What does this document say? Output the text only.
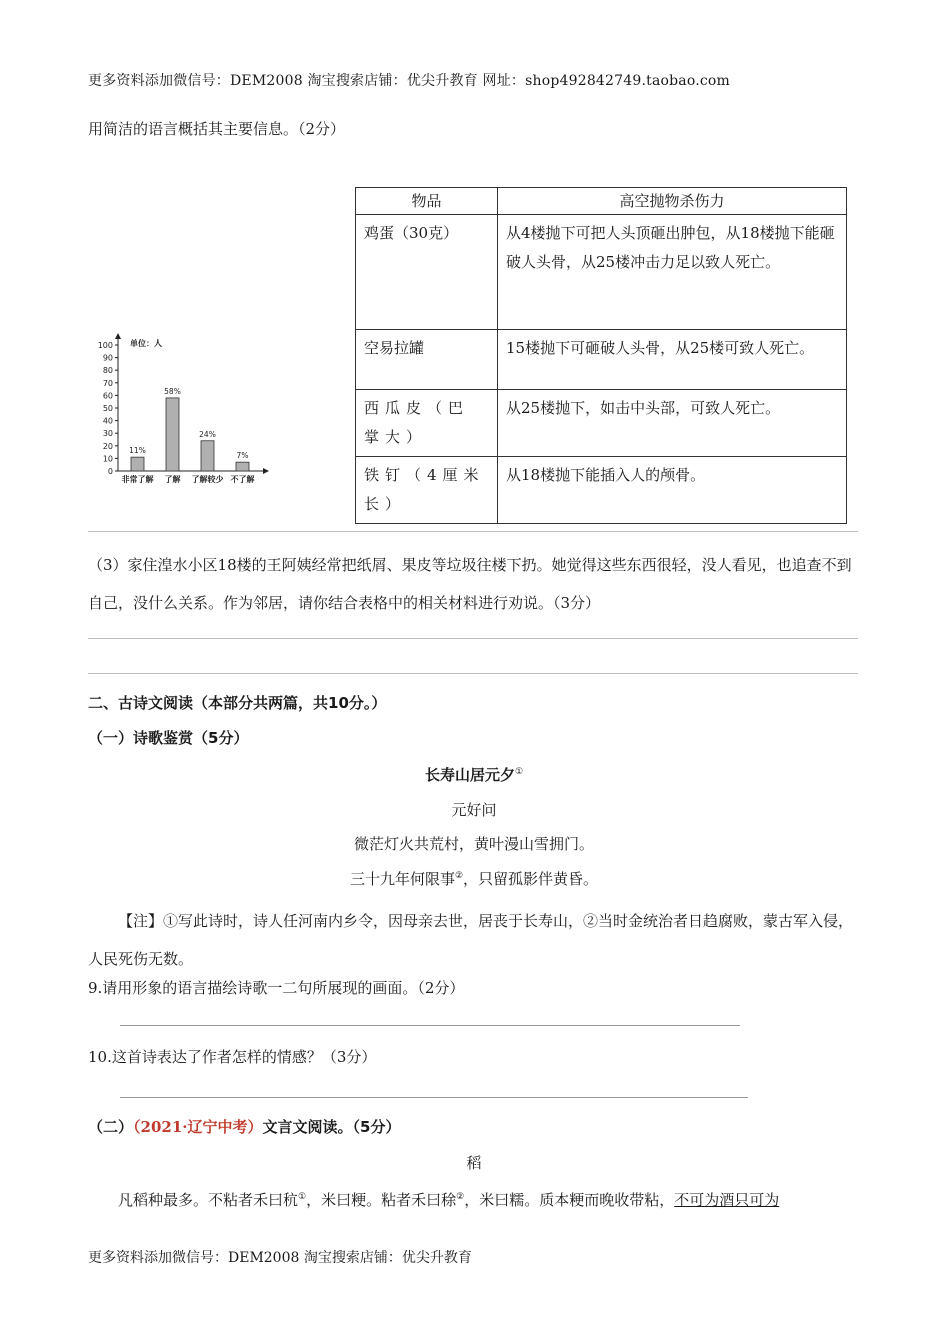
更多资料添加微信号：DEM2008 淘宝搜索店铺：优尖升教育 网址：shop492842749.taobao.com
用简洁的语言概括其主要信息。（2分）
0
10
20
30
40
50
60
70
80
90
100 单位：人
11%
非常了解
58%
了解
24%
了解较少
7%
不了解
物品	高空抛物杀伤力
鸡蛋（30克）	从4楼抛下可把人头顶砸出肿包，从18楼抛下能砸破人头骨，从25楼冲击力足以致人死亡。
空易拉罐	15楼抛下可砸破人头骨，从25楼可致人死亡。
西瓜皮（巴掌大）	从25楼抛下，如击中头部，可致人死亡。
铁钉（4厘米长）	从18楼抛下能插入人的颅骨。
（3）家住湟水小区18楼的王阿姨经常把纸屑、果皮等垃圾往楼下扔。她觉得这些东西很轻，没人看见，也追查不到自己，没什么关系。作为邻居，请你结合表格中的相关材料进行劝说。（3分）
二、古诗文阅读（本部分共两篇，共10分。）
（一）诗歌鉴赏（5分）
长寿山居元夕①
元好问
微茫灯火共荒村，黄叶漫山雪拥门。
三十九年何限事②，只留孤影伴黄昏。
【注】①写此诗时，诗人任河南内乡令，因母亲去世，居丧于长寿山，②当时金统治者日趋腐败，蒙古军入侵，人民死伤无数。
9.请用形象的语言描绘诗歌一二句所展现的画面。（2分）
10.这首诗表达了作者怎样的情感？（3分）
（二）（2021·辽宁中考）文言文阅读。（5分）
稻
凡稻种最多。不粘者禾曰秔①，米曰粳。粘者禾曰稌②，米曰糯。质本粳而晚收带粘，不可为酒只可为
更多资料添加微信号：DEM2008 淘宝搜索店铺：优尖升教育
